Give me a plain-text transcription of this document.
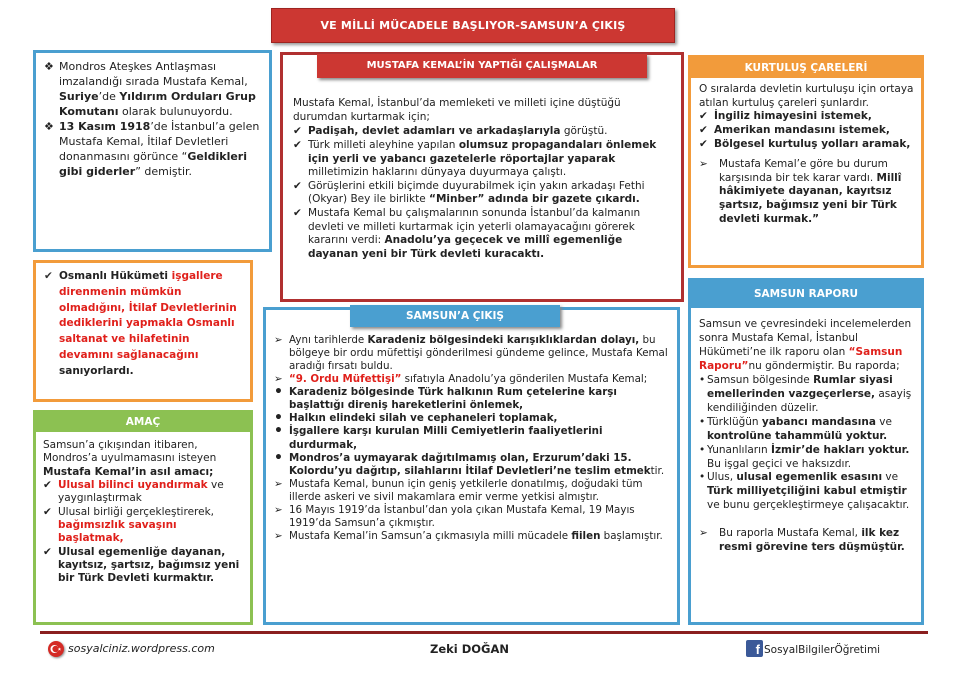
VE MİLLİ MÜCADELE BAŞLIYOR-SAMSUN’A ÇIKIŞ
❖ Mondros Ateşkes Antlaşması imzalandığı sırada Mustafa Kemal, Suriye’de Yıldırım Orduları Grup Komutanı olarak bulunuyordu.
❖ 13 Kasım 1918’de İstanbul’a gelen Mustafa Kemal, İtilaf Devletleri donanmasını görünce “Geldikleri gibi giderler” demiştir.
✔ Osmanlı Hükümeti işgallere direnmenin mümkün olmadığını, İtilaf Devletlerinin dediklerini yapmakla Osmanlı saltanat ve hilafetinin devamını sağlanacağını sanıyorlardı.
AMAÇ

Samsun’a çıkışından itibaren, Mondros’a uyulmamasını isteyen Mustafa Kemal’in asıl amacı;

✔ Ulusal bilinci uyandırmak ve yaygınlaştırmak
✔ Ulusal birliği gerçekleştirerek, bağımsızlık savaşını başlatmak,
✔ Ulusal egemenliğe dayanan, kayıtsız, şartsız, bağımsız yeni bir Türk Devleti kurmaktır.

Mustafa Kemal, İstanbul’da memleketi ve milleti içine düştüğü durumdan kurtarmak için;

✔ Padişah, devlet adamları ve arkadaşlarıyla görüştü.
✔ Türk milleti aleyhine yapılan olumsuz propagandaları önlemek için yerli ve yabancı gazetelerle röportajlar yaparak milletimizin haklarını dünyaya duyurmaya çalıştı.
✔ Görüşlerini etkili biçimde duyurabilmek için yakın arkadaşı Fethi (Okyar) Bey ile birlikte “Minber” adında bir gazete çıkardı.
✔ Mustafa Kemal bu çalışmalarının sonunda İstanbul’da kalmanın devleti ve milleti kurtarmak için yeterli olamayacağını görerek kararını verdi: Anadolu’ya geçecek ve millî egemenliğe dayanan yeni bir Türk devleti kuracaktı.
MUSTAFA KEMAL’İN YAPTIĞI ÇALIŞMALAR
➢ Aynı tarihlerde Karadeniz bölgesindeki karışıklıklardan dolayı, bu bölgeye bir ordu müfettişi gönderilmesi gündeme gelince, Mustafa Kemal aradığı fırsatı buldu.
➢ “9. Ordu Müfettişi” sıfatıyla Anadolu’ya gönderilen Mustafa Kemal;
• Karadeniz bölgesinde Türk halkının Rum çetelerine karşı başlattığı direniş hareketlerini önlemek,
• Halkın elindeki silah ve cephaneleri toplamak,
• İşgallere karşı kurulan Milli Cemiyetlerin faaliyetlerini durdurmak,
• Mondros’a uymayarak dağıtılmamış olan, Erzurum’daki 15. Kolordu’yu dağıtıp, silahlarını İtilaf Devletleri’ne teslim etmektir.
➢ Mustafa Kemal, bunun için geniş yetkilerle donatılmış, doğudaki tüm illerde askeri ve sivil makamlara emir verme yetkisi almıştır.
➢ 16 Mayıs 1919’da İstanbul’dan yola çıkan Mustafa Kemal, 19 Mayıs 1919’da Samsun’a çıkmıştır.
➢ Mustafa Kemal’in Samsun’a çıkmasıyla milli mücadele fiilen başlamıştır.
SAMSUN’A ÇIKIŞ
KURTULUŞ ÇARELERİ

O sıralarda devletin kurtuluşu için ortaya atılan kurtuluş çareleri şunlardır.

✔ İngiliz himayesini istemek,
✔ Amerikan mandasını istemek,
✔ Bölgesel kurtuluş yolları aramak,
➢ Mustafa Kemal’e göre bu durum karşısında bir tek karar vardı. Millî hâkimiyete dayanan, kayıtsız şartsız, bağımsız yeni bir Türk devleti kurmak.”
SAMSUN RAPORU

Samsun ve çevresindeki incelemelerden sonra Mustafa Kemal, İstanbul Hükümeti’ne ilk raporu olan “Samsun Raporu”nu göndermiştir. Bu raporda;

• Samsun bölgesinde Rumlar siyasi emellerinden vazgeçerlerse, asayiş kendiliğinden düzelir.
• Türklüğün yabancı mandasına ve kontrolüne tahammülü yoktur.
• Yunanlıların İzmir’de hakları yoktur. Bu işgal geçici ve haksızdır.
• Ulus, ulusal egemenlik esasını ve Türk milliyetçiliğini kabul etmiştir ve bunu gerçekleştirmeye çalışacaktır.
➢ Bu raporla Mustafa Kemal, ilk kez resmi görevine ters düşmüştür.
sosyalciniz.wordpress.com	Zeki DOĞAN	f SosyalBilgilerÖğretimi
